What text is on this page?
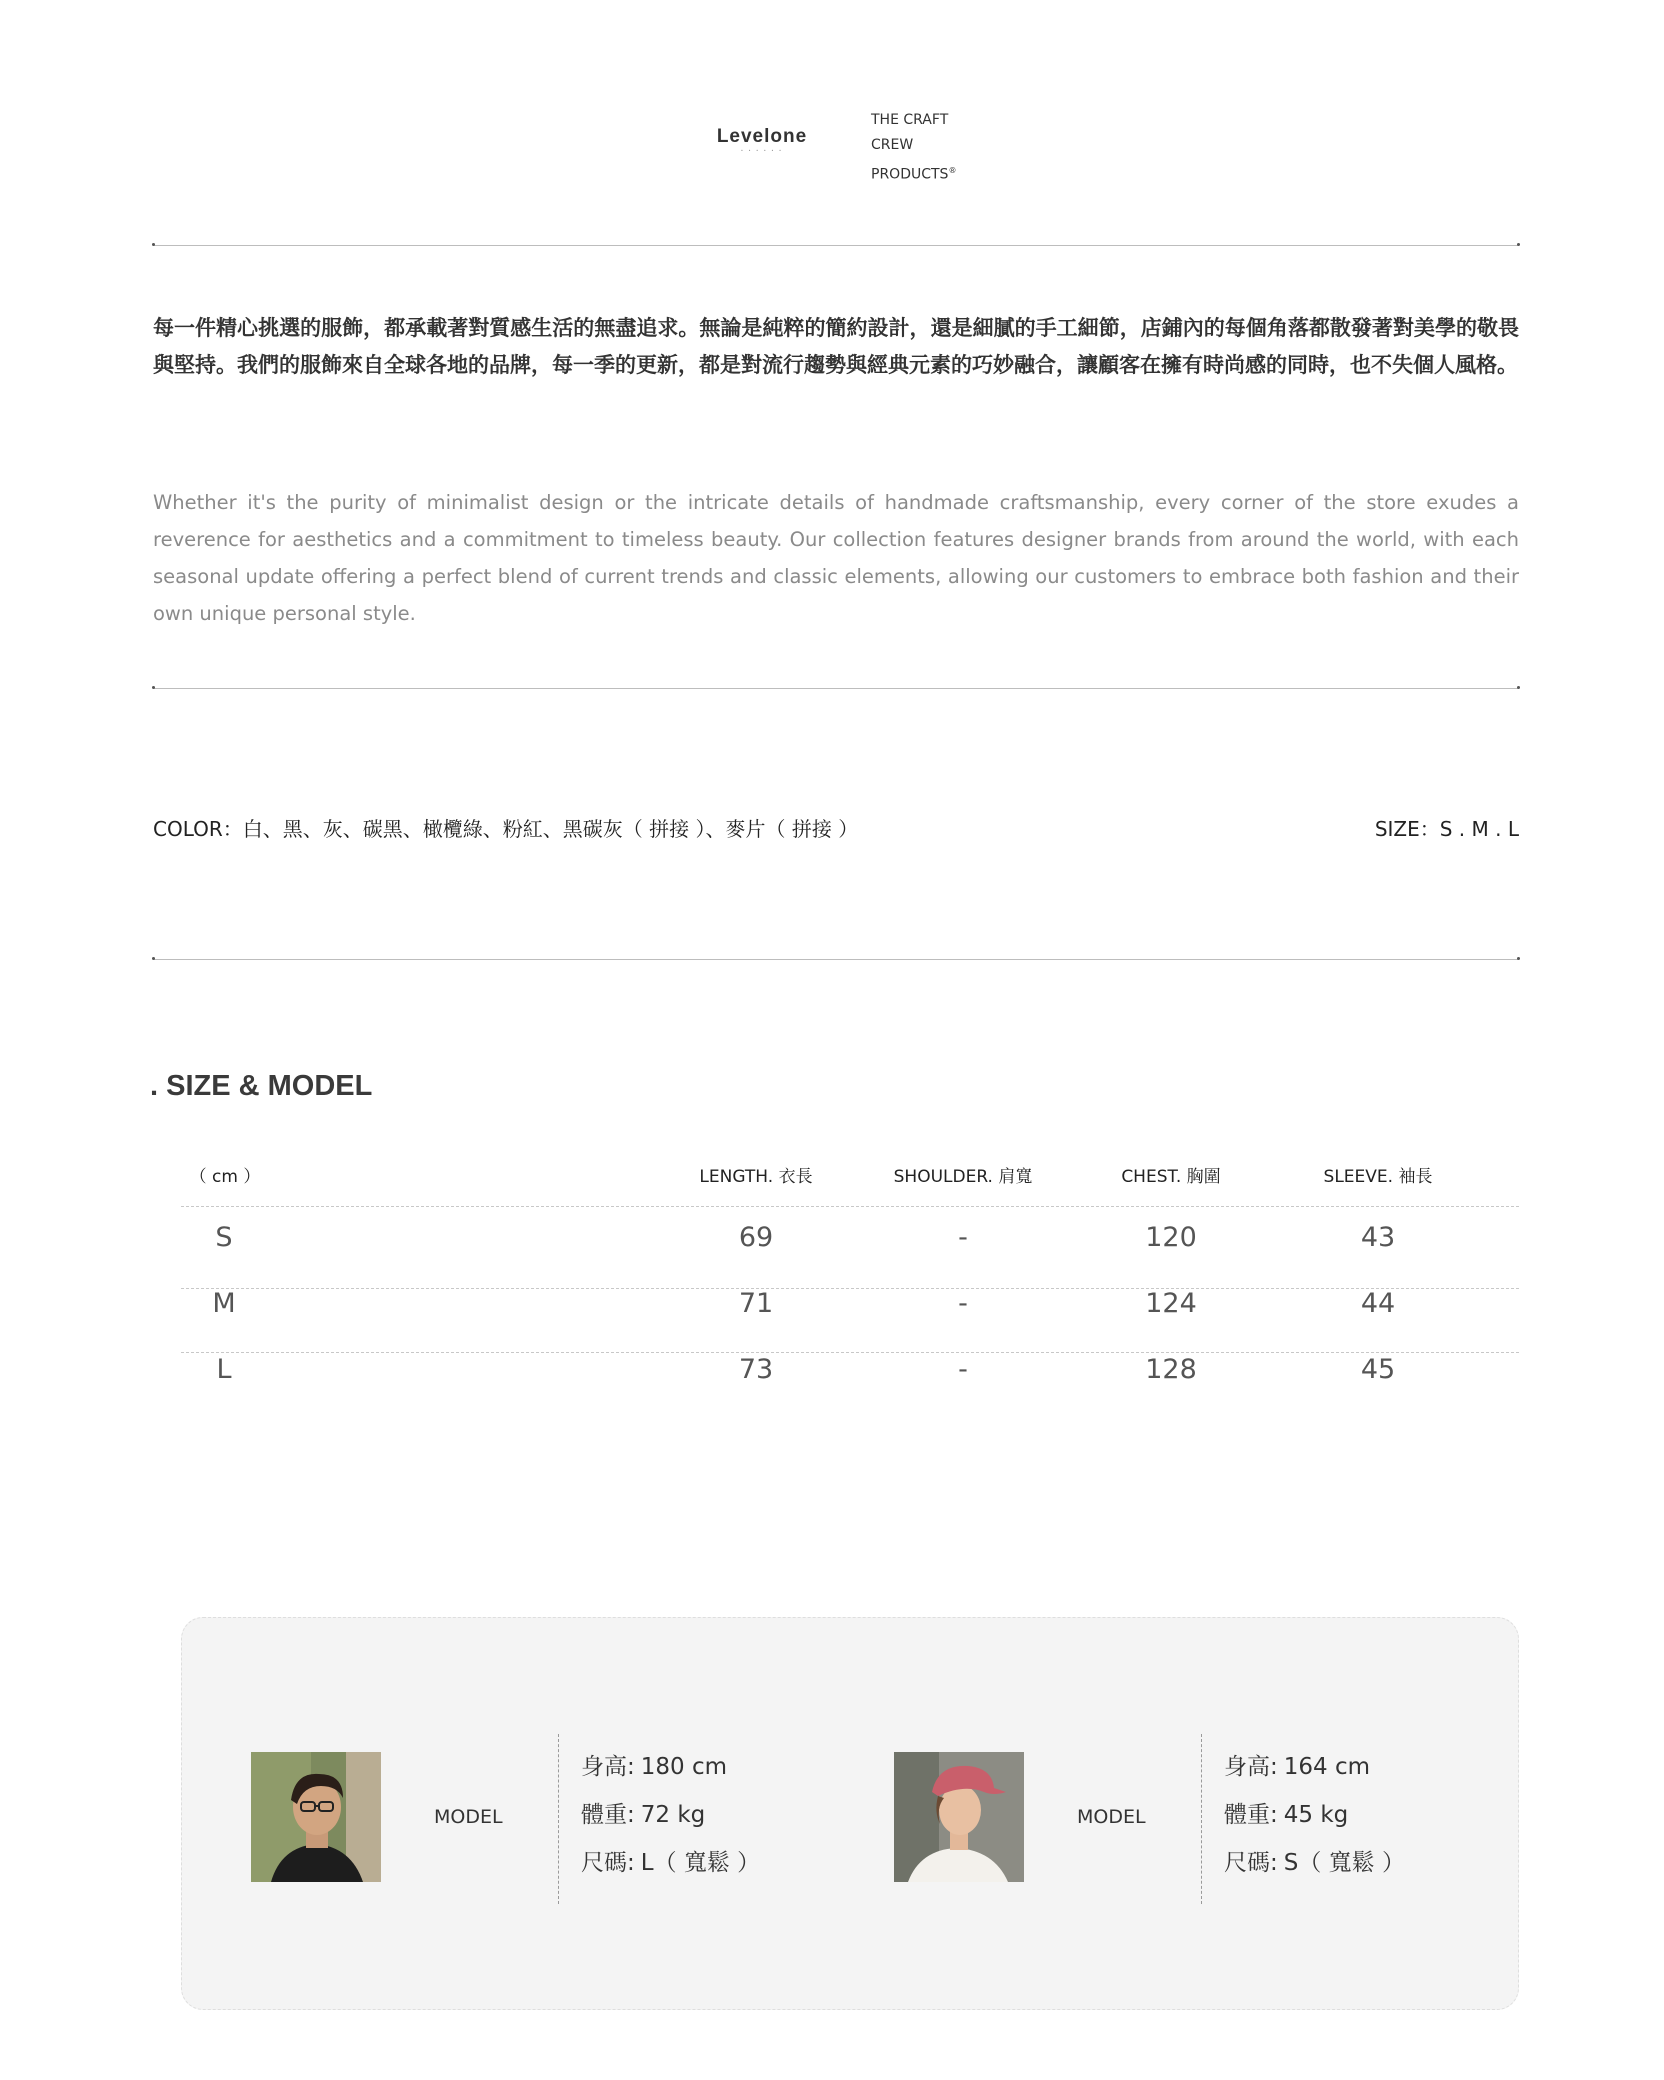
Levelone
• • • • • •
THE CRAFT
CREW
PRODUCTS®

每一件精心挑選的服飾，都承載著對質感生活的無盡追求。無論是純粹的簡約設計，還是細膩的手工細節，店鋪內的每個角落都散發著對美學的敬畏與堅持。我們的服飾來自全球各地的品牌，每一季的更新，都是對流行趨勢與經典元素的巧妙融合，讓顧客在擁有時尚感的同時，也不失個人風格。

Whether it's the purity of minimalist design or the intricate details of handmade craftsmanship, every corner of the store exudes a reverence for aesthetics and a commitment to timeless beauty. Our collection features designer brands from around the world, with each seasonal update offering a perfect blend of current trends and classic elements, allowing our customers to embrace both fashion and their own unique personal style.

COLOR：白、黑、灰、碳黑、橄欖綠、粉紅、黑碳灰（ 拼接 ）、麥片（ 拼接 ）	SIZE：S . M . L
. SIZE & MODEL
（ cm ）	LENGTH. 衣長	SHOULDER. 肩寬	CHEST. 胸圍	SLEEVE. 袖長
S	69	-	120	43
M	71	-	124	44
L	73	-	128	45
MODEL
身高: 180 cm
體重: 72 kg
尺碼: L（ 寬鬆 ）
MODEL
身高: 164 cm
體重: 45 kg
尺碼: S（ 寬鬆 ）
